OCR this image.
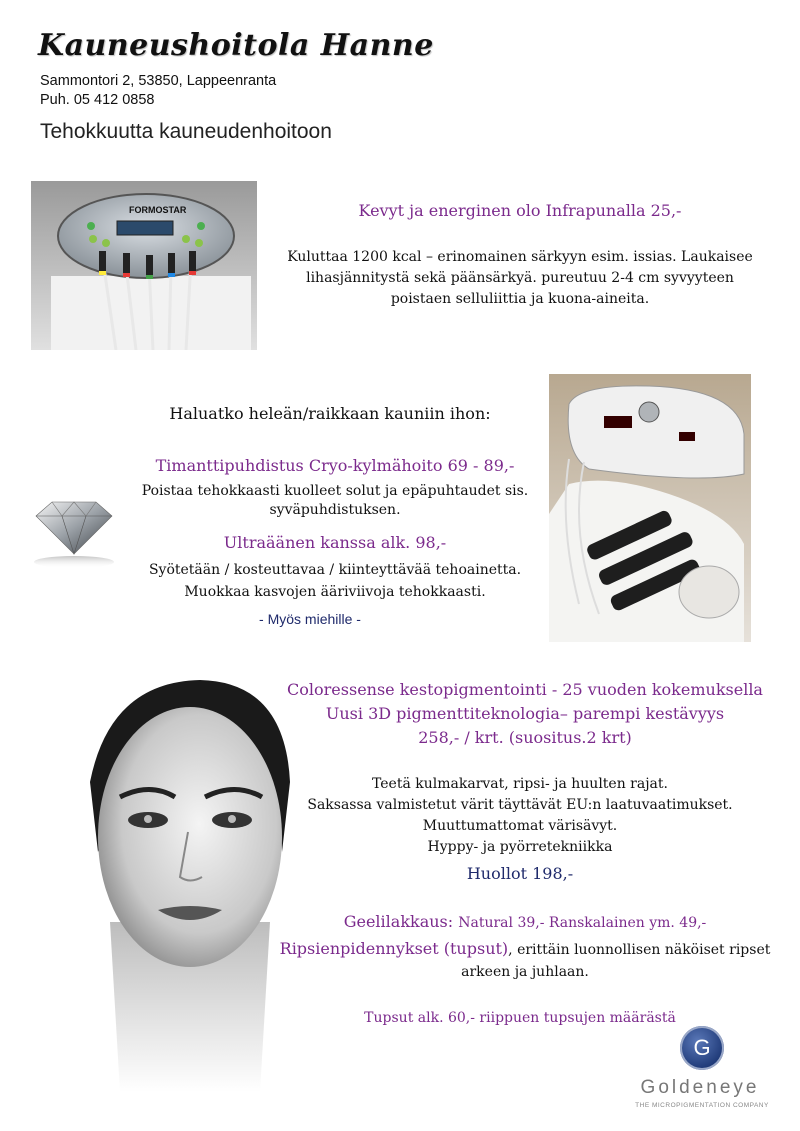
Kauneushoitola Hanne
Sammontori 2, 53850, Lappeenranta
Puh. 05 412 0858
Tehokkuutta kauneudenhoitoon
FORMOSTAR	Kevyt ja energinen olo Infrapunalla 25,-
Kuluttaa 1200 kcal – erinomainen särkyyn esim. issias. Laukaisee
lihasjännitystä sekä päänsärkyä. pureutuu 2-4 cm syvyyteen
poistaen selluliittia ja kuona-aineita.
Haluatko heleän/raikkaan kauniin ihon:
Timanttipuhdistus Cryo-kylmähoito 69 - 89,-
Poistaa tehokkaasti kuolleet solut ja epäpuhtaudet sis.
syväpuhdistuksen.
Ultraäänen kanssa alk. 98,-
Syötetään / kosteuttavaa / kiinteyttävää tehoainetta.
Muokkaa kasvojen ääriviivoja tehokkaasti.
- Myös miehille -
Coloressense kestopigmentointi - 25 vuoden kokemuksella
Uusi 3D pigmenttiteknologia– parempi kestävyys
258,- / krt. (suositus.2 krt)
Teetä kulmakarvat, ripsi- ja huulten rajat.
Saksassa valmistetut värit täyttävät EU:n laatuvaatimukset.
Muuttumattomat värisävyt.
Hyppy- ja pyörretekniikka
Huollot 198,-
Geelilakkaus: Natural 39,- Ranskalainen ym. 49,-
Ripsienpidennykset (tupsut), erittäin luonnollisen näköiset ripset
arkeen ja juhlaan.
Tupsut alk. 60,- riippuen tupsujen määrästä
G
Goldeneye
THE MICROPIGMENTATION COMPANY
